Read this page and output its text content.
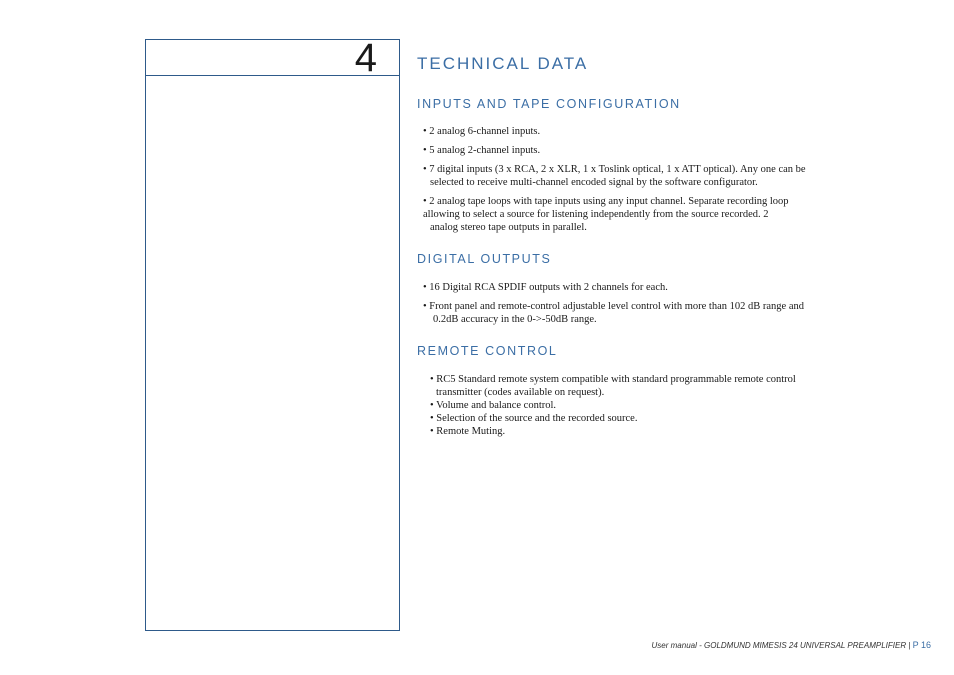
4 TECHNICAL DATA
INPUTS AND TAPE CONFIGURATION
• 2 analog 6-channel inputs.
• 5 analog 2-channel inputs.
• 7 digital inputs (3 x RCA, 2 x XLR, 1 x Toslink optical, 1 x ATT optical). Any one can be
selected to receive multi-channel encoded signal by the software configurator.
• 2 analog tape loops with tape inputs using any input channel. Separate recording loop
allowing to select a source for listening independently from the source recorded. 2
analog stereo tape outputs in parallel.
DIGITAL OUTPUTS
• 16 Digital RCA SPDIF outputs with 2 channels for each.
• Front panel and remote-control adjustable level control with more than 102 dB range and
0.2dB accuracy in the 0->-50dB range.
REMOTE CONTROL
• RC5 Standard remote system compatible with standard programmable remote control
transmitter (codes available on request).
• Volume and balance control.
• Selection of the source and the recorded source.
• Remote Muting.
User manual - GOLDMUND MIMESIS 24 UNIVERSAL PREAMPLIFIER | P 16
